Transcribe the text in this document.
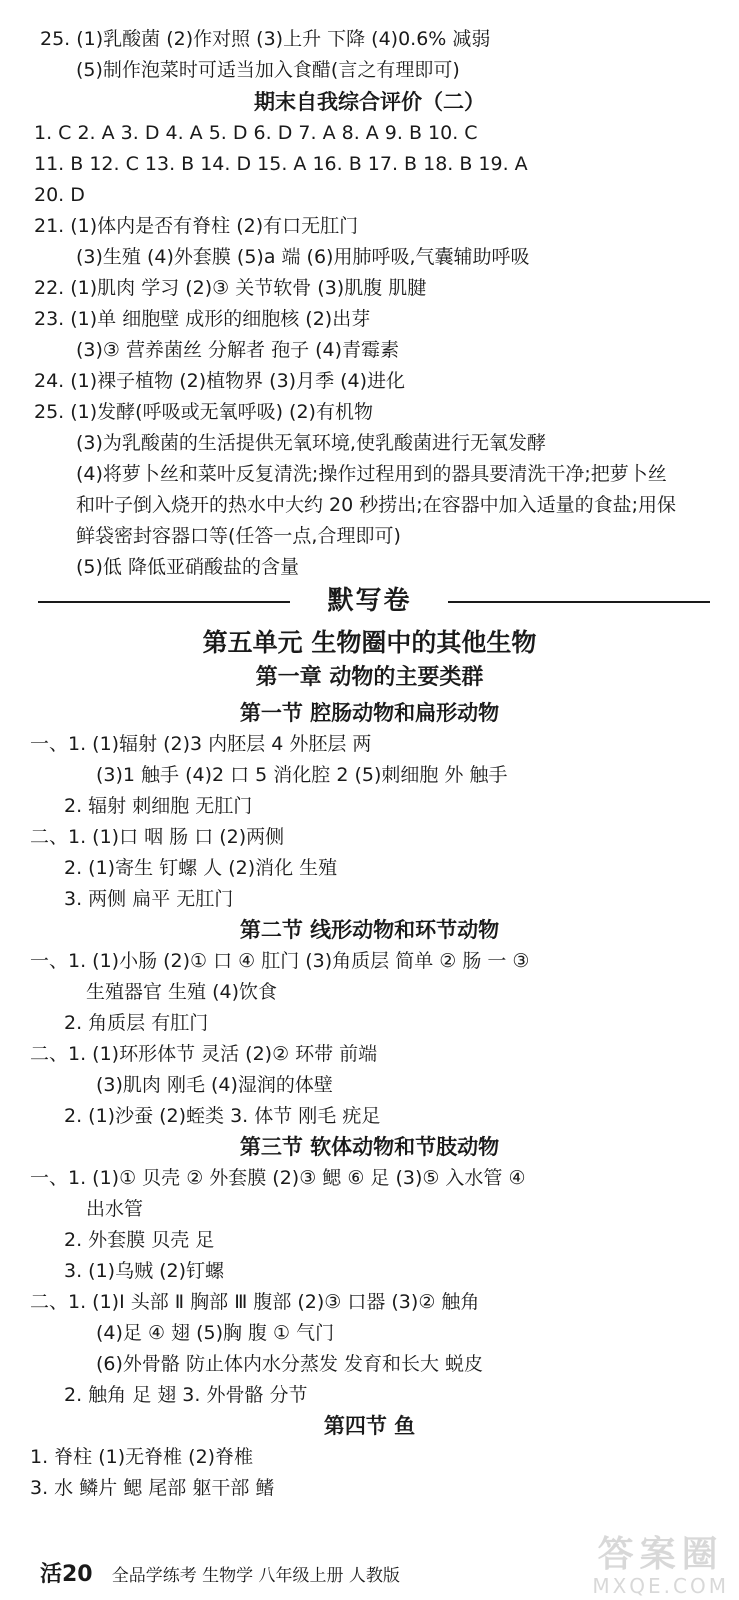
25. (1)乳酸菌 (2)作对照 (3)上升 下降 (4)0.6% 减弱
(5)制作泡菜时可适当加入食醋(言之有理即可)
期末自我综合评价（二）
1. C 2. A 3. D 4. A 5. D 6. D 7. A 8. A 9. B 10. C
11. B 12. C 13. B 14. D 15. A 16. B 17. B 18. B 19. A
20. D
21. (1)体内是否有脊柱 (2)有口无肛门
(3)生殖 (4)外套膜 (5)a 端 (6)用肺呼吸,气囊辅助呼吸
22. (1)肌肉 学习 (2)③ 关节软骨 (3)肌腹 肌腱
23. (1)单 细胞壁 成形的细胞核 (2)出芽
(3)③ 营养菌丝 分解者 孢子 (4)青霉素
24. (1)裸子植物 (2)植物界 (3)月季 (4)进化
25. (1)发酵(呼吸或无氧呼吸) (2)有机物
(3)为乳酸菌的生活提供无氧环境,使乳酸菌进行无氧发酵
(4)将萝卜丝和菜叶反复清洗;操作过程用到的器具要清洗干净;把萝卜丝
和叶子倒入烧开的热水中大约 20 秒捞出;在容器中加入适量的食盐;用保
鲜袋密封容器口等(任答一点,合理即可)
(5)低 降低亚硝酸盐的含量
默写卷
第五单元 生物圈中的其他生物
第一章 动物的主要类群
第一节 腔肠动物和扁形动物
一、1. (1)辐射 (2)3 内胚层 4 外胚层 两
(3)1 触手 (4)2 口 5 消化腔 2 (5)刺细胞 外 触手
2. 辐射 刺细胞 无肛门
二、1. (1)口 咽 肠 口 (2)两侧
2. (1)寄生 钉螺 人 (2)消化 生殖
3. 两侧 扁平 无肛门
第二节 线形动物和环节动物
一、1. (1)小肠 (2)① 口 ④ 肛门 (3)角质层 简单 ② 肠 一 ③
生殖器官 生殖 (4)饮食
2. 角质层 有肛门
二、1. (1)环形体节 灵活 (2)② 环带 前端
(3)肌肉 刚毛 (4)湿润的体壁
2. (1)沙蚕 (2)蛭类 3. 体节 刚毛 疣足
第三节 软体动物和节肢动物
一、1. (1)① 贝壳 ② 外套膜 (2)③ 鳃 ⑥ 足 (3)⑤ 入水管 ④
出水管
2. 外套膜 贝壳 足
3. (1)乌贼 (2)钉螺
二、1. (1)Ⅰ 头部 Ⅱ 胸部 Ⅲ 腹部 (2)③ 口器 (3)② 触角
(4)足 ④ 翅 (5)胸 腹 ① 气门
(6)外骨骼 防止体内水分蒸发 发育和长大 蜕皮
2. 触角 足 翅 3. 外骨骼 分节
第四节 鱼
1. 脊柱 (1)无脊椎 (2)脊椎
3. 水 鳞片 鳃 尾部 躯干部 鳍
答案圈
MXQE.COM
活20 全品学练考 生物学 八年级上册 人教版
